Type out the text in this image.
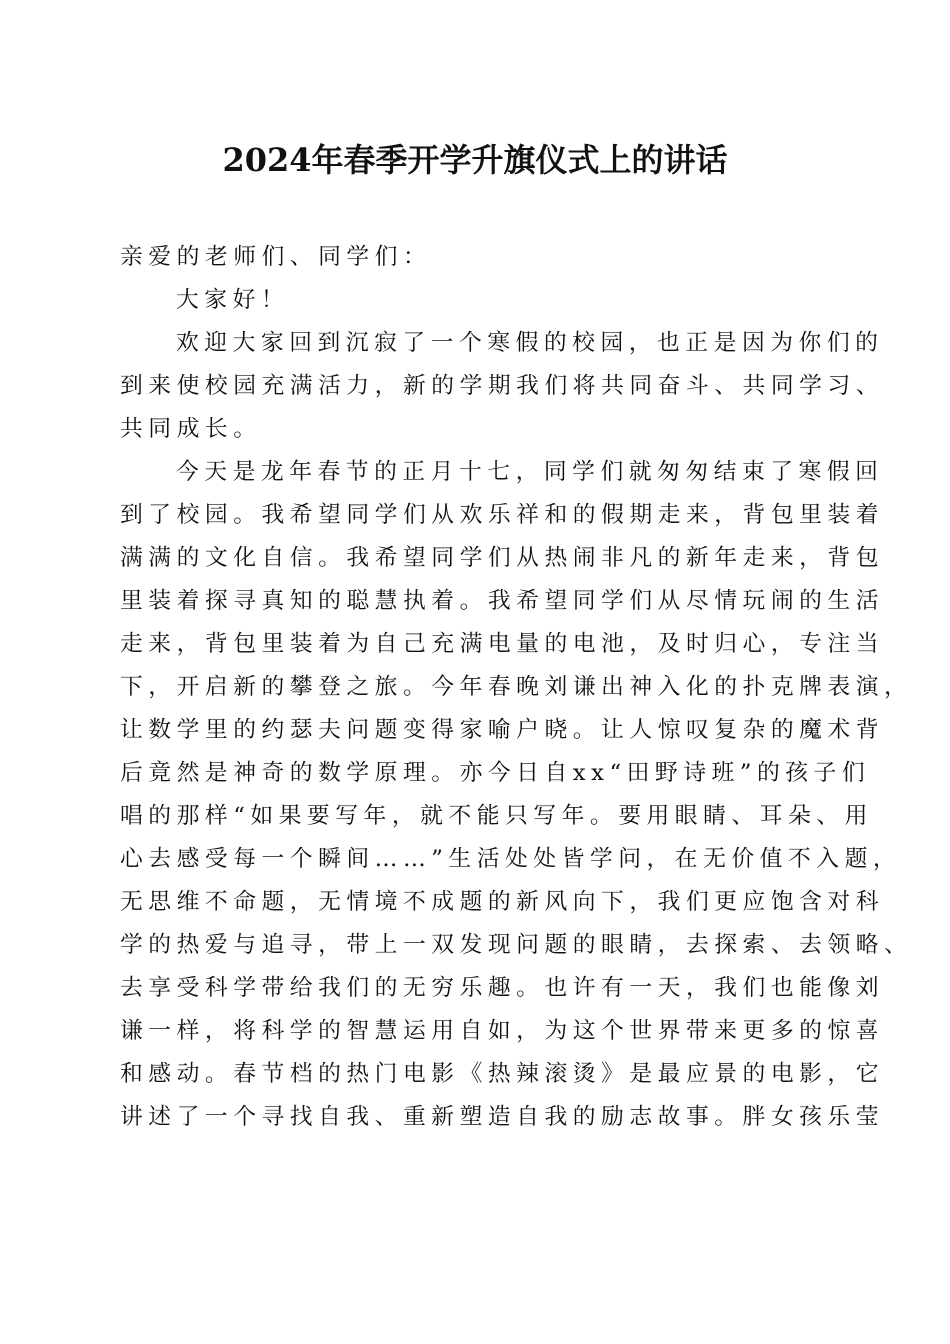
2024年春季开学升旗仪式上的讲话

亲爱的老师们、同学们：

大家好！

欢迎大家回到沉寂了一个寒假的校园，也正是因为你们的
到来使校园充满活力，新的学期我们将共同奋斗、共同学习、
共同成长。

今天是龙年春节的正月十七，同学们就匆匆结束了寒假回
到了校园。我希望同学们从欢乐祥和的假期走来，背包里装着
满满的文化自信。我希望同学们从热闹非凡的新年走来，背包
里装着探寻真知的聪慧执着。我希望同学们从尽情玩闹的生活
走来，背包里装着为自己充满电量的电池，及时归心，专注当
下，开启新的攀登之旅。今年春晚刘谦出神入化的扑克牌表演，
让数学里的约瑟夫问题变得家喻户晓。让人惊叹复杂的魔术背
后竟然是神奇的数学原理。亦今日自xx“田野诗班”的孩子们
唱的那样“如果要写年，就不能只写年。要用眼睛、耳朵、用
心去感受每一个瞬间……”生活处处皆学问，在无价值不入题，
无思维不命题，无情境不成题的新风向下，我们更应饱含对科
学的热爱与追寻，带上一双发现问题的眼睛，去探索、去领略、
去享受科学带给我们的无穷乐趣。也许有一天，我们也能像刘
谦一样，将科学的智慧运用自如，为这个世界带来更多的惊喜
和感动。春节档的热门电影《热辣滚烫》是最应景的电影，它
讲述了一个寻找自我、重新塑造自我的励志故事。胖女孩乐莹
